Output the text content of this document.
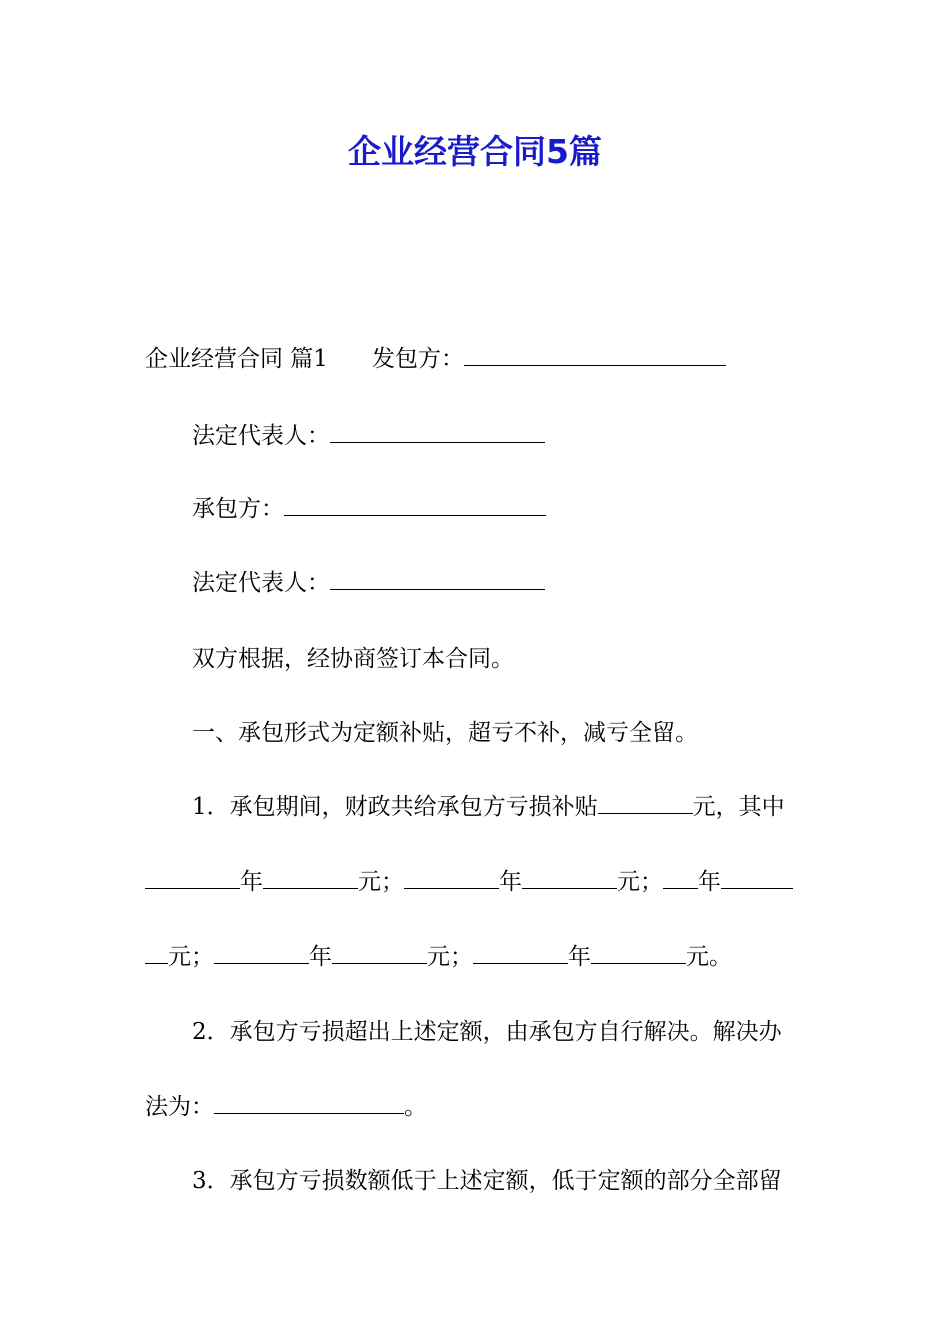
企业经营合同5篇
企业经营合同 篇1 发包方：
法定代表人：
承包方：
法定代表人：
双方根据，经协商签订本合同。
一、承包形式为定额补贴，超亏不补，减亏全留。
1．承包期间，财政共给承包方亏损补贴	元，其中
年	元；	年	元； 年
元；	年	元；	年	元。
2．承包方亏损超出上述定额，由承包方自行解决。解决办
法为：	。
3．承包方亏损数额低于上述定额，低于定额的部分全部留
